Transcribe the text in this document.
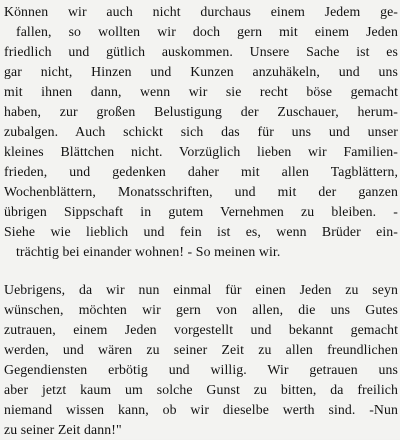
Können wir auch nicht durchaus einem Jedem ge-
fallen, so wollten wir doch gern mit einem Jeden
friedlich und gütlich auskommen. Unsere Sache ist es
gar nicht, Hinzen und Kunzen anzuhäkeln, und uns
mit ihnen dann, wenn wir sie recht böse gemacht
haben, zur großen Belustigung der Zuschauer, herum-
zubalgen. Auch schickt sich das für uns und unser
kleines Blättchen nicht. Vorzüglich lieben wir Familien-
frieden, und gedenken daher mit allen Tagblättern,
Wochenblättern, Monatsschriften, und mit der ganzen
übrigen Sippschaft in gutem Vernehmen zu bleiben. -
Siehe wie lieblich und fein ist es, wenn Brüder ein-
trächtig bei einander wohnen! - So meinen wir.
Uebrigens, da wir nun einmal für einen Jeden zu seyn
wünschen, möchten wir gern von allen, die uns Gutes
zutrauen, einem Jeden vorgestellt und bekannt gemacht
werden, und wären zu seiner Zeit zu allen freundlichen
Gegendiensten erbötig und willig. Wir getrauen uns
aber jetzt kaum um solche Gunst zu bitten, da freilich
niemand wissen kann, ob wir dieselbe werth sind. -Nun
zu seiner Zeit dann!"
